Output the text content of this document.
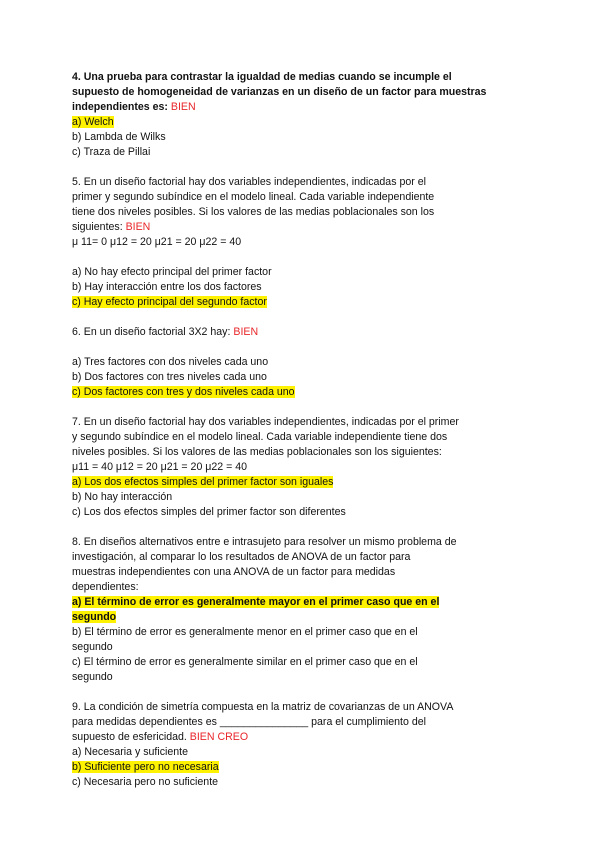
4. Una prueba para contrastar la igualdad de medias cuando se incumple el
supuesto de homogeneidad de varianzas en un diseño de un factor para muestras
independientes es: BIEN
a) Welch
b) Lambda de Wilks
c) Traza de Pillai
5. En un diseño factorial hay dos variables independientes, indicadas por el
primer y segundo subíndice en el modelo lineal. Cada variable independiente
tiene dos niveles posibles. Si los valores de las medias poblacionales son los
siguientes: BIEN
μ 11= 0 μ12 = 20 μ21 = 20 μ22 = 40
a) No hay efecto principal del primer factor
b) Hay interacción entre los dos factores
c) Hay efecto principal del segundo factor
6. En un diseño factorial 3X2 hay: BIEN
a) Tres factores con dos niveles cada uno
b) Dos factores con tres niveles cada uno
c) Dos factores con tres y dos niveles cada uno
7. En un diseño factorial hay dos variables independientes, indicadas por el primer
y segundo subíndice en el modelo lineal. Cada variable independiente tiene dos
niveles posibles. Si los valores de las medias poblacionales son los siguientes:
μ11 = 40 μ12 = 20 μ21 = 20 μ22 = 40
a) Los dos efectos simples del primer factor son iguales
b) No hay interacción
c) Los dos efectos simples del primer factor son diferentes
8. En diseños alternativos entre e intrasujeto para resolver un mismo problema de
investigación, al comparar lo los resultados de ANOVA de un factor para
muestras independientes con una ANOVA de un factor para medidas
dependientes:
a) El término de error es generalmente mayor en el primer caso que en el
segundo
b) El término de error es generalmente menor en el primer caso que en el
segundo
c) El término de error es generalmente similar en el primer caso que en el
segundo
9. La condición de simetría compuesta en la matriz de covarianzas de un ANOVA
para medidas dependientes es _______________ para el cumplimiento del
supuesto de esfericidad. BIEN CREO
a) Necesaria y suficiente
b) Suficiente pero no necesaria
c) Necesaria pero no suficiente
